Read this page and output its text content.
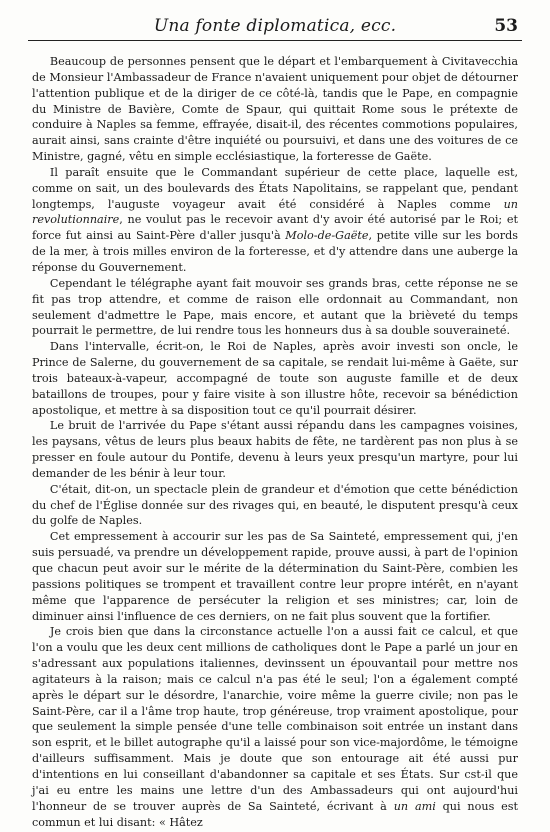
Una fonte diplomatica, ecc.	53

Beaucoup de personnes pensent que le départ et l'embarquement à Civitavecchia de Monsieur l'Ambassadeur de France n'avaient uniquement pour objet de détourner l'attention publique et de la diriger de ce côté-là, tandis que le Pape, en compagnie du Ministre de Bavière, Comte de Spaur, qui quittait Rome sous le prétexte de conduire à Naples sa femme, effrayée, disait-il, des récentes commotions populaires, aurait ainsi, sans crainte d'être inquiété ou poursuivi, et dans une des voitures de ce Ministre, gagné, vêtu en simple ecclésiastique, la forteresse de Gaëte.

Il paraît ensuite que le Commandant supérieur de cette place, laquelle est, comme on sait, un des boulevards des États Napolitains, se rappelant que, pendant longtemps, l'auguste voyageur avait été considéré à Naples comme un revolutionnaire, ne voulut pas le recevoir avant d'y avoir été autorisé par le Roi; et force fut ainsi au Saint-Père d'aller jusqu'à Molo-de-Gaëte, petite ville sur les bords de la mer, à trois milles environ de la forteresse, et d'y attendre dans une auberge la réponse du Gouvernement.

Cependant le télégraphe ayant fait mouvoir ses grands bras, cette réponse ne se fit pas trop attendre, et comme de raison elle ordonnait au Commandant, non seulement d'admettre le Pape, mais encore, et autant que la brièveté du temps pourrait le permettre, de lui rendre tous les honneurs dus à sa double souveraineté.

Dans l'intervalle, écrit-on, le Roi de Naples, après avoir investi son oncle, le Prince de Salerne, du gouvernement de sa capitale, se rendait lui-même à Gaëte, sur trois bateaux-à-vapeur, accompagné de toute son auguste famille et de deux bataillons de troupes, pour y faire visite à son illustre hôte, recevoir sa bénédiction apostolique, et mettre à sa disposition tout ce qu'il pourrait désirer.

Le bruit de l'arrivée du Pape s'étant aussi répandu dans les campagnes voisines, les paysans, vêtus de leurs plus beaux habits de fête, ne tardèrent pas non plus à se presser en foule autour du Pontife, devenu à leurs yeux presqu'un martyre, pour lui demander de les bénir à leur tour.

C'était, dit-on, un spectacle plein de grandeur et d'émotion que cette bénédiction du chef de l'Église donnée sur des rivages qui, en beauté, le disputent presqu'à ceux du golfe de Naples.

Cet empressement à accourir sur les pas de Sa Sainteté, empressement qui, j'en suis persuadé, va prendre un développement rapide, prouve aussi, à part de l'opinion que chacun peut avoir sur le mérite de la détermination du Saint-Père, combien les passions politiques se trompent et travaillent contre leur propre intérêt, en n'ayant même que l'apparence de persécuter la religion et ses ministres; car, loin de diminuer ainsi l'influence de ces derniers, on ne fait plus souvent que la fortifier.

Je crois bien que dans la circonstance actuelle l'on a aussi fait ce calcul, et que l'on a voulu que les deux cent millions de catholiques dont le Pape a parlé un jour en s'adressant aux populations italiennes, devinssent un épouvantail pour mettre nos agitateurs à la raison; mais ce calcul n'a pas été le seul; l'on a également compté après le départ sur le désordre, l'anarchie, voire même la guerre civile; non pas le Saint-Père, car il a l'âme trop haute, trop généreuse, trop vraiment apostolique, pour que seulement la simple pensée d'une telle combinaison soit entrée un instant dans son esprit, et le billet autographe qu'il a laissé pour son vice-majordôme, le témoigne d'ailleurs suffisamment. Mais je doute que son entourage ait été aussi pur d'intentions en lui conseillant d'abandonner sa capitale et ses États. Sur cst-il que j'ai eu entre les mains une lettre d'un des Ambassadeurs qui ont aujourd'hui l'honneur de se trouver auprès de Sa Sainteté, écrivant à un ami qui nous est commun et lui disant: « Hâtez
